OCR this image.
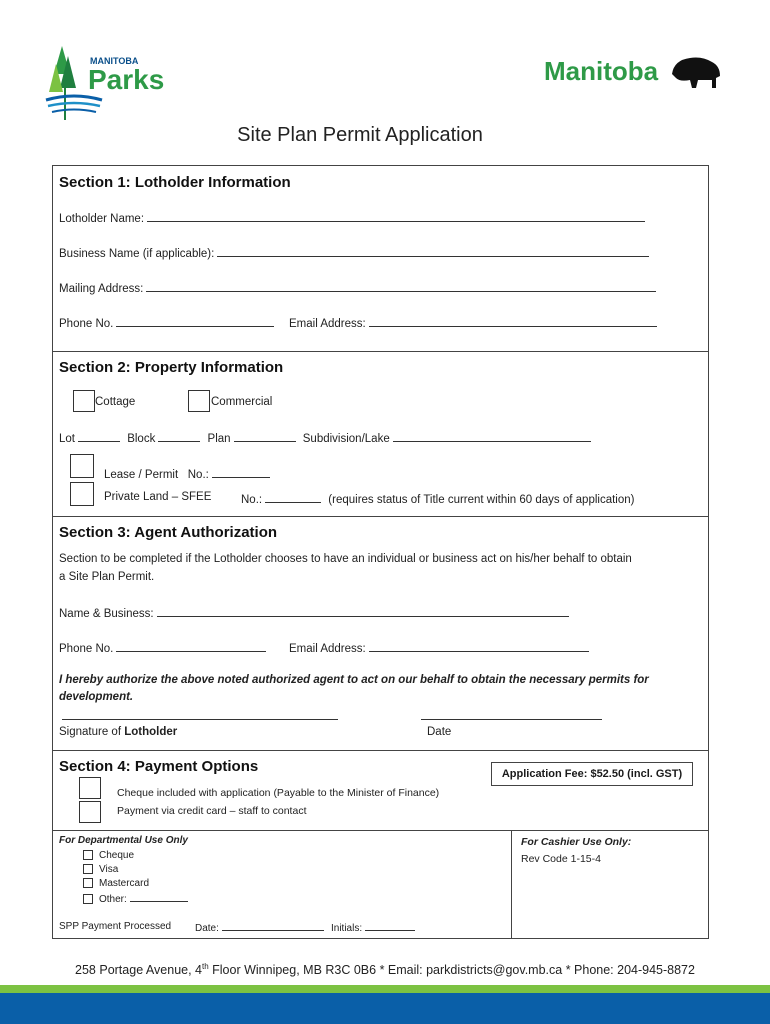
MANITOBA
Parks	Manitoba
Site Plan Permit Application
Section 1: Lotholder Information
Lotholder Name:
Business Name (if applicable):
Mailing Address:
Phone No.	Email Address:
Section 2: Property Information
Cottage	Commercial
Lot	Block	Plan	Subdivision/Lake
Lease / Permit No.:
Private Land – SFEE	No.:	(requires status of Title current within 60 days of application)
Section 3: Agent Authorization
Section to be completed if the Lotholder chooses to have an individual or business act on his/her behalf to obtain
a Site Plan Permit.
Name & Business:
Phone No.	Email Address:
I hereby authorize the above noted authorized agent to act on our behalf to obtain the necessary permits for
development.
Signature of Lotholder	Date
Section 4: Payment Options	Application Fee: $52.50 (incl. GST)
Cheque included with application (Payable to the Minister of Finance)
Payment via credit card – staff to contact
For Departmental Use Only
Cheque
Visa
Mastercard
Other:
SPP Payment Processed Date:	Initials:
For Cashier Use Only:
Rev Code 1-15-4
258 Portage Avenue, 4th Floor Winnipeg, MB R3C 0B6 * Email: parkdistricts@gov.mb.ca * Phone: 204-945-8872
